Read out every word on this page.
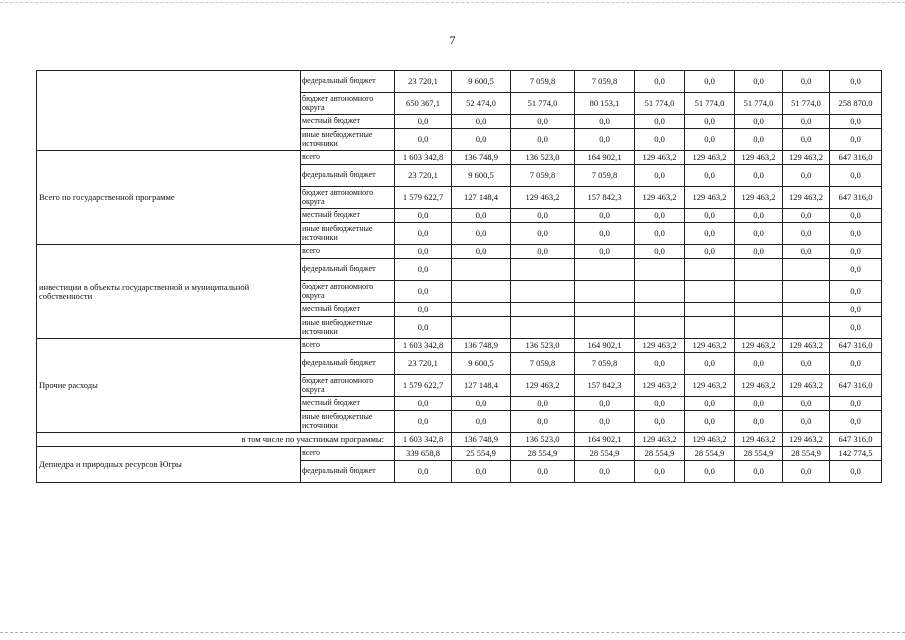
7
	федеральный бюджет	23 720,1	9 600,5	7 059,8	7 059,8	0,0	0,0	0,0	0,0	0,0
	бюджет автономного округа	650 367,1	52 474,0	51 774,0	80 153,1	51 774,0	51 774,0	51 774,0	51 774,0	258 870,0
	местный бюджет	0,0	0,0	0,0	0,0	0,0	0,0	0,0	0,0	0,0
	иные внебюджетные источники	0,0	0,0	0,0	0,0	0,0	0,0	0,0	0,0	0,0
Всего по государственной программе	всего	1 603 342,8	136 748,9	136 523,0	164 902,1	129 463,2	129 463,2	129 463,2	129 463,2	647 316,0
	федеральный бюджет	23 720,1	9 600,5	7 059,8	7 059,8	0,0	0,0	0,0	0,0	0,0
	бюджет автономного округа	1 579 622,7	127 148,4	129 463,2	157 842,3	129 463,2	129 463,2	129 463,2	129 463,2	647 316,0
	местный бюджет	0,0	0,0	0,0	0,0	0,0	0,0	0,0	0,0	0,0
	иные внебюджетные источники	0,0	0,0	0,0	0,0	0,0	0,0	0,0	0,0	0,0
инвестиции в объекты государственной и муниципальной собственности	всего	0,0	0,0	0,0	0,0	0,0	0,0	0,0	0,0	0,0
	федеральный бюджет	0,0								0,0
	бюджет автономного округа	0,0								0,0
	местный бюджет	0,0								0,0
	иные внебюджетные источники	0,0								0,0
Прочие расходы	всего	1 603 342,8	136 748,9	136 523,0	164 902,1	129 463,2	129 463,2	129 463,2	129 463,2	647 316,0
	федеральный бюджет	23 720,1	9 600,5	7 059,8	7 059,8	0,0	0,0	0,0	0,0	0,0
	бюджет автономного округа	1 579 622,7	127 148,4	129 463,2	157 842,3	129 463,2	129 463,2	129 463,2	129 463,2	647 316,0
	местный бюджет	0,0	0,0	0,0	0,0	0,0	0,0	0,0	0,0	0,0
	иные внебюджетные источники	0,0	0,0	0,0	0,0	0,0	0,0	0,0	0,0	0,0
в том числе по участникам программы:		1 603 342,8	136 748,9	136 523,0	164 902,1	129 463,2	129 463,2	129 463,2	129 463,2	647 316,0
Депнедра и природных ресурсов Югры	всего	339 658,8	25 554,9	28 554,9	28 554,9	28 554,9	28 554,9	28 554,9	28 554,9	142 774,5
	федеральный бюджет	0,0	0,0	0,0	0,0	0,0	0,0	0,0	0,0	0,0
